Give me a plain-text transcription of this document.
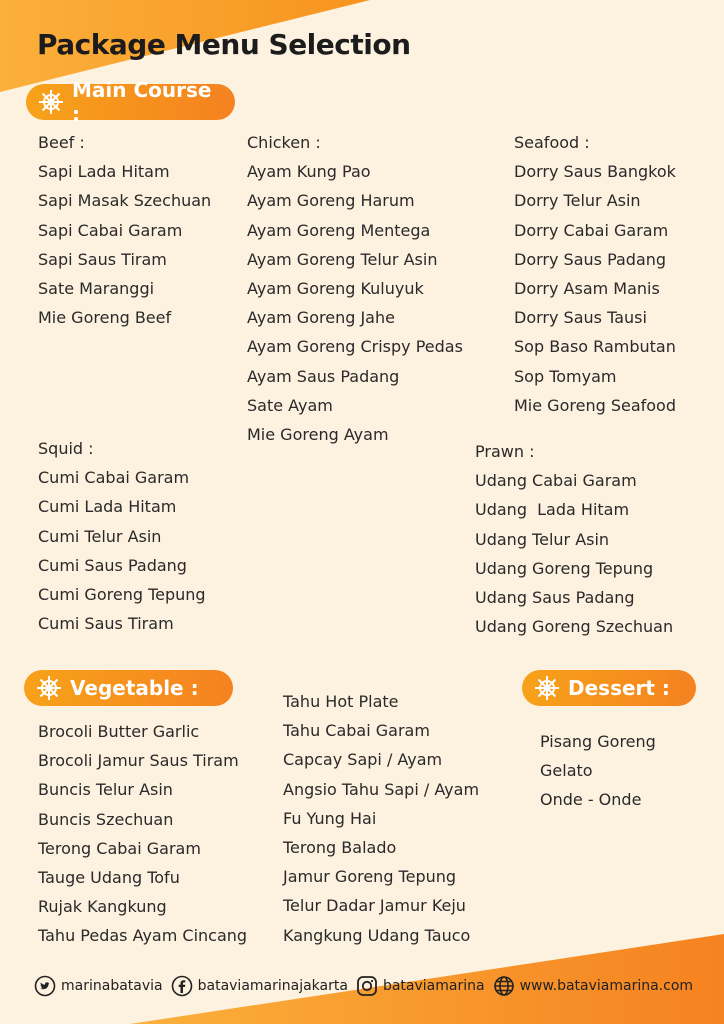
Package Menu Selection
Main Course :
Vegetable :	Dessert :

Beef :

Sapi Lada Hitam

Sapi Masak Szechuan

Sapi Cabai Garam

Sapi Saus Tiram

Sate Maranggi

Mie Goreng Beef

Chicken :

Ayam Kung Pao

Ayam Goreng Harum

Ayam Goreng Mentega

Ayam Goreng Telur Asin

Ayam Goreng Kuluyuk

Ayam Goreng Jahe

Ayam Goreng Crispy Pedas

Ayam Saus Padang

Sate Ayam

Mie Goreng Ayam

Seafood :

Dorry Saus Bangkok

Dorry Telur Asin

Dorry Cabai Garam

Dorry Saus Padang

Dorry Asam Manis

Dorry Saus Tausi

Sop Baso Rambutan

Sop Tomyam

Mie Goreng Seafood

Squid :

Cumi Cabai Garam

Cumi Lada Hitam

Cumi Telur Asin

Cumi Saus Padang

Cumi Goreng Tepung

Cumi Saus Tiram

Prawn :

Udang Cabai Garam

Udang  Lada Hitam

Udang Telur Asin

Udang Goreng Tepung

Udang Saus Padang

Udang Goreng Szechuan

Brocoli Butter Garlic

Brocoli Jamur Saus Tiram

Buncis Telur Asin

Buncis Szechuan

Terong Cabai Garam

Tauge Udang Tofu

Rujak Kangkung

Tahu Pedas Ayam Cincang

Tahu Hot Plate

Tahu Cabai Garam

Capcay Sapi / Ayam

Angsio Tahu Sapi / Ayam

Fu Yung Hai

Terong Balado

Jamur Goreng Tepung

Telur Dadar Jamur Keju

Kangkung Udang Tauco

Pisang Goreng

Gelato

Onde - Onde

marinabatavia	bataviamarinajakarta	bataviamarina	www.bataviamarina.com
